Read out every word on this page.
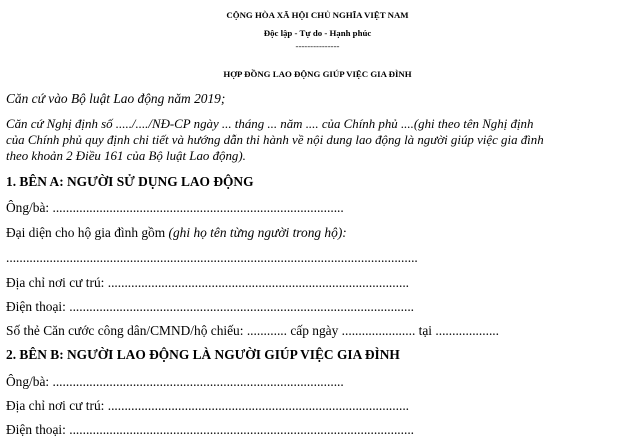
CỘNG HÒA XÃ HỘI CHỦ NGHĨA VIỆT NAM
Độc lập - Tự do - Hạnh phúc
---------------
HỢP ĐỒNG LAO ĐỘNG GIÚP VIỆC GIA ĐÌNH
Căn cứ vào Bộ luật Lao động năm 2019;
Căn cứ Nghị định số ...../..../NĐ-CP ngày ... tháng ... năm .... của Chính phủ ....(ghi theo tên Nghị định
của Chính phủ quy định chi tiết và hướng dẫn thi hành về nội dung lao động là người giúp việc gia đình
theo khoản 2 Điều 161 của Bộ luật Lao động).
1. BÊN A: NGƯỜI SỬ DỤNG LAO ĐỘNG
Ông/bà: .......................................................................................
Đại diện cho hộ gia đình gồm (ghi họ tên từng người trong hộ):
...........................................................................................................................
Địa chỉ nơi cư trú: ..........................................................................................
Điện thoại: .......................................................................................................
Số thẻ Căn cước công dân/CMND/hộ chiếu: ............ cấp ngày ...................... tại ...................
2. BÊN B: NGƯỜI LAO ĐỘNG LÀ NGƯỜI GIÚP VIỆC GIA ĐÌNH
Ông/bà: .......................................................................................
Địa chỉ nơi cư trú: ..........................................................................................
Điện thoại: .......................................................................................................
